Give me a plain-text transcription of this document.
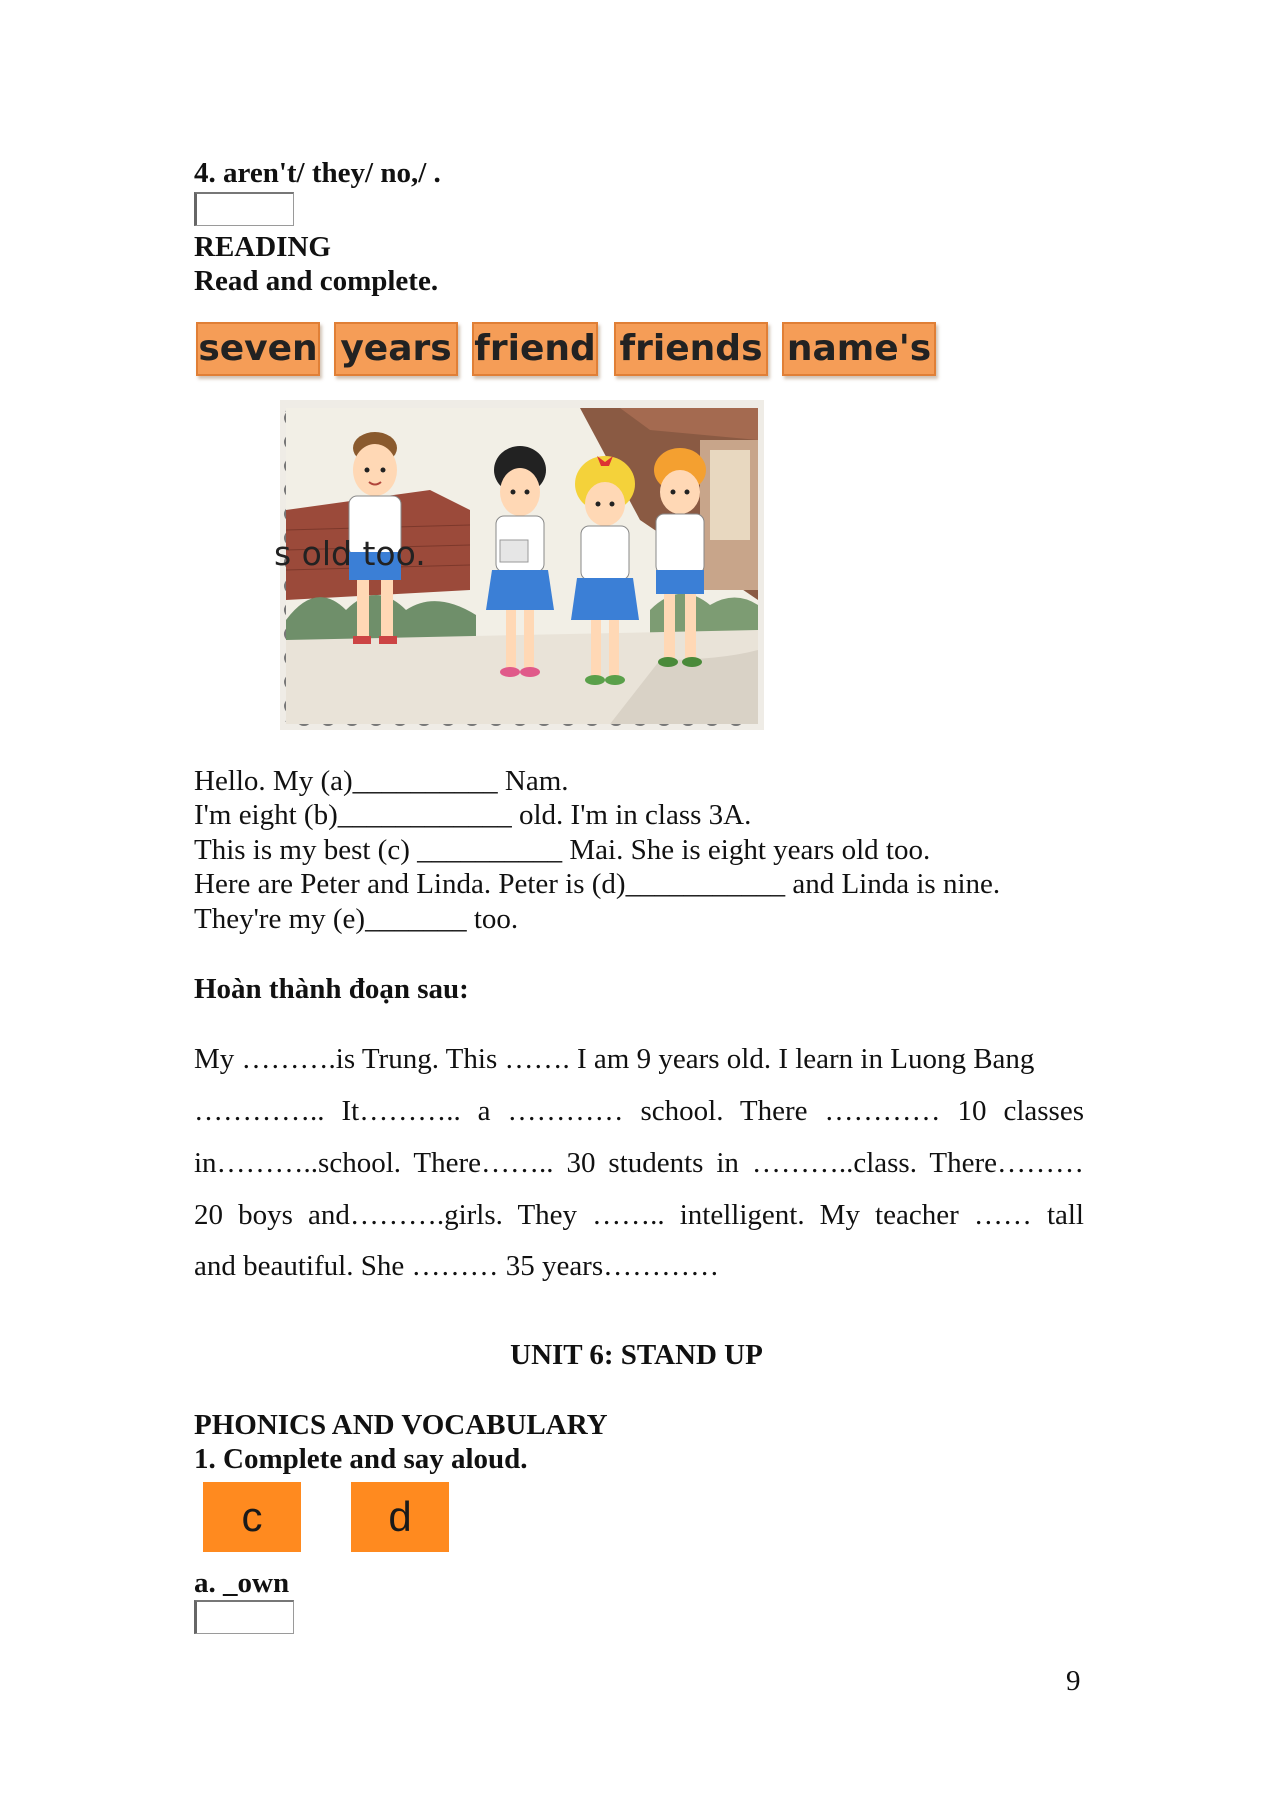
4. aren't/ they/ no,/ .
READING
Read and complete.
seven years friend friends name's
s old too.
Hello. My (a)__________ Nam.
I'm eight (b)____________ old. I'm in class 3A.
This is my best (c) __________ Mai. She is eight years old too.
Here are Peter and Linda. Peter is (d)___________ and Linda is nine.
They're my (e)_______ too.
Hoàn thành đoạn sau:
My ……….is Trung. This ……. I am 9 years old. I learn in Luong Bang
………….. It……….. a ………… school. There ………… 10 classes
in………..school. There…….. 30 students in ………..class. There………
20 boys and……….girls. They …….. intelligent. My teacher …… tall
and beautiful. She ……… 35 years…………
UNIT 6: STAND UP
PHONICS AND VOCABULARY
1. Complete and say aloud.
c	d
a. _own
9
